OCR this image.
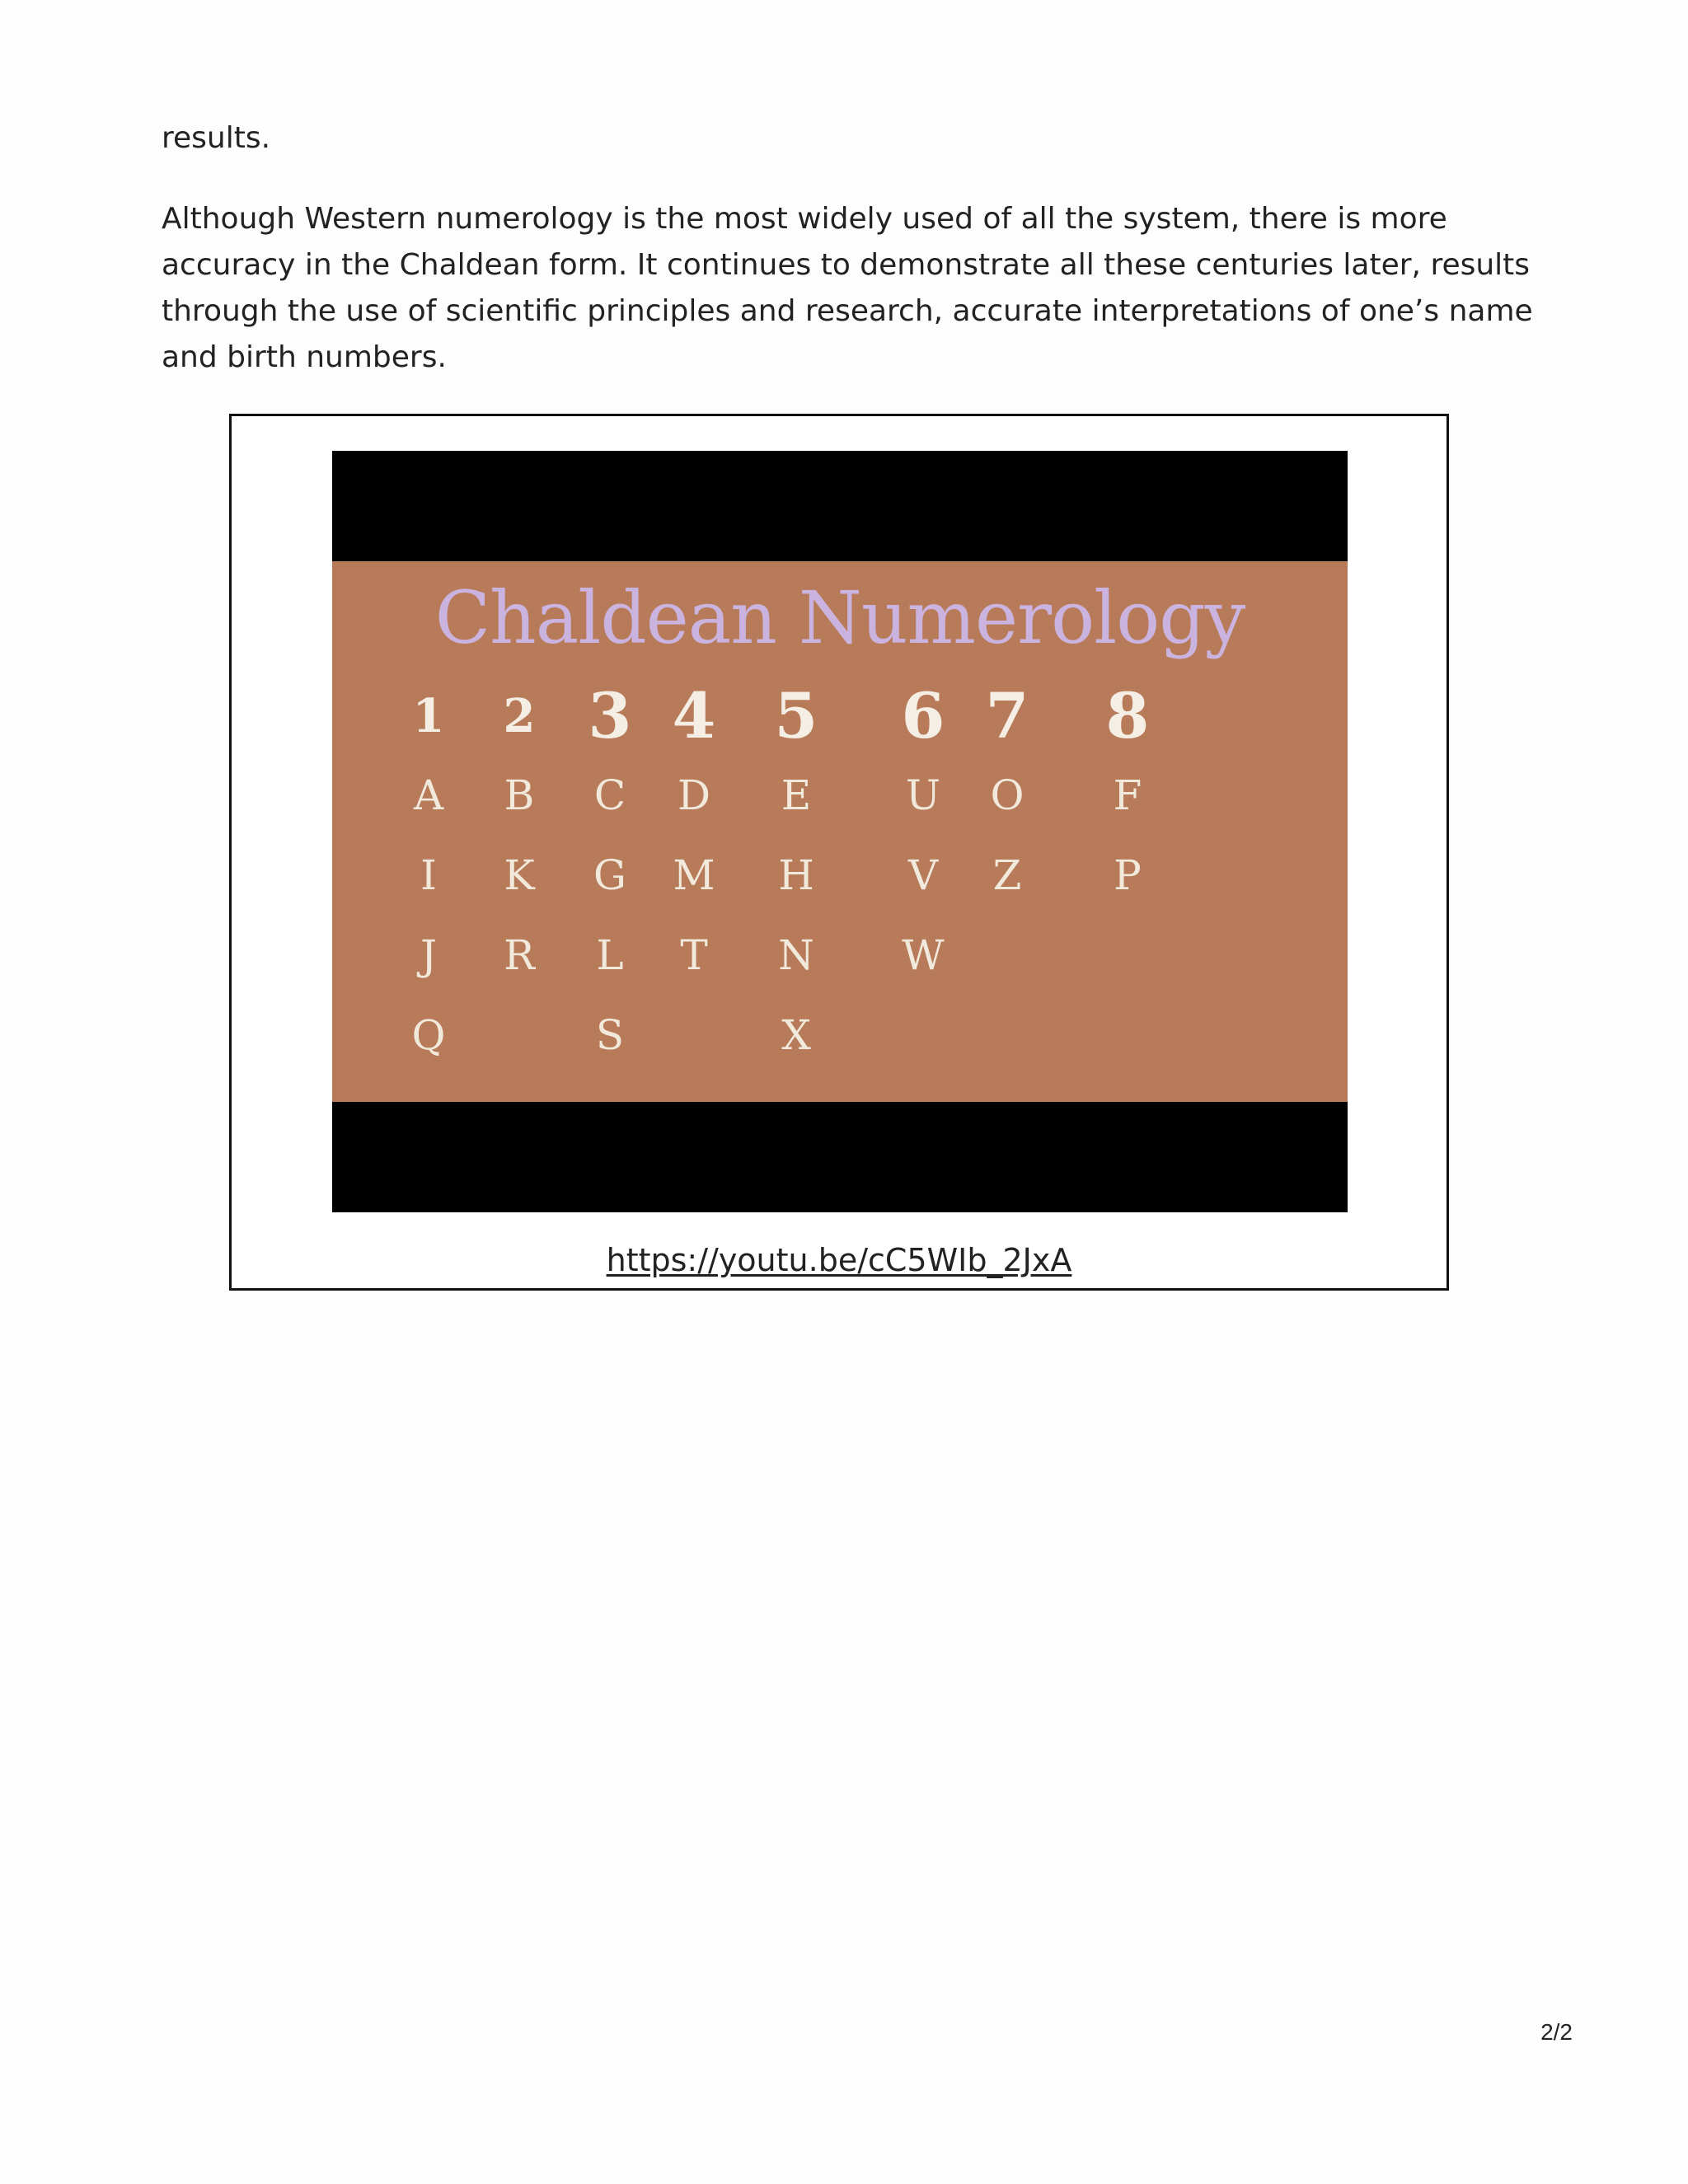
results.

Although Western numerology is the most widely used of all the system, there is more accuracy in the Chaldean form. It continues to demonstrate all these centuries later, results through the use of scientific principles and research, accurate interpretations of one’s name and birth numbers.

Chaldean Numerology
1
A
I
J
Q
2
B
K
R
3
C
G
L
S
4
D
M
T
5
E
H
N
X
6
U
V
W
7
O
Z
8
F
P
https://youtu.be/cC5WIb_2JxA
2/2
